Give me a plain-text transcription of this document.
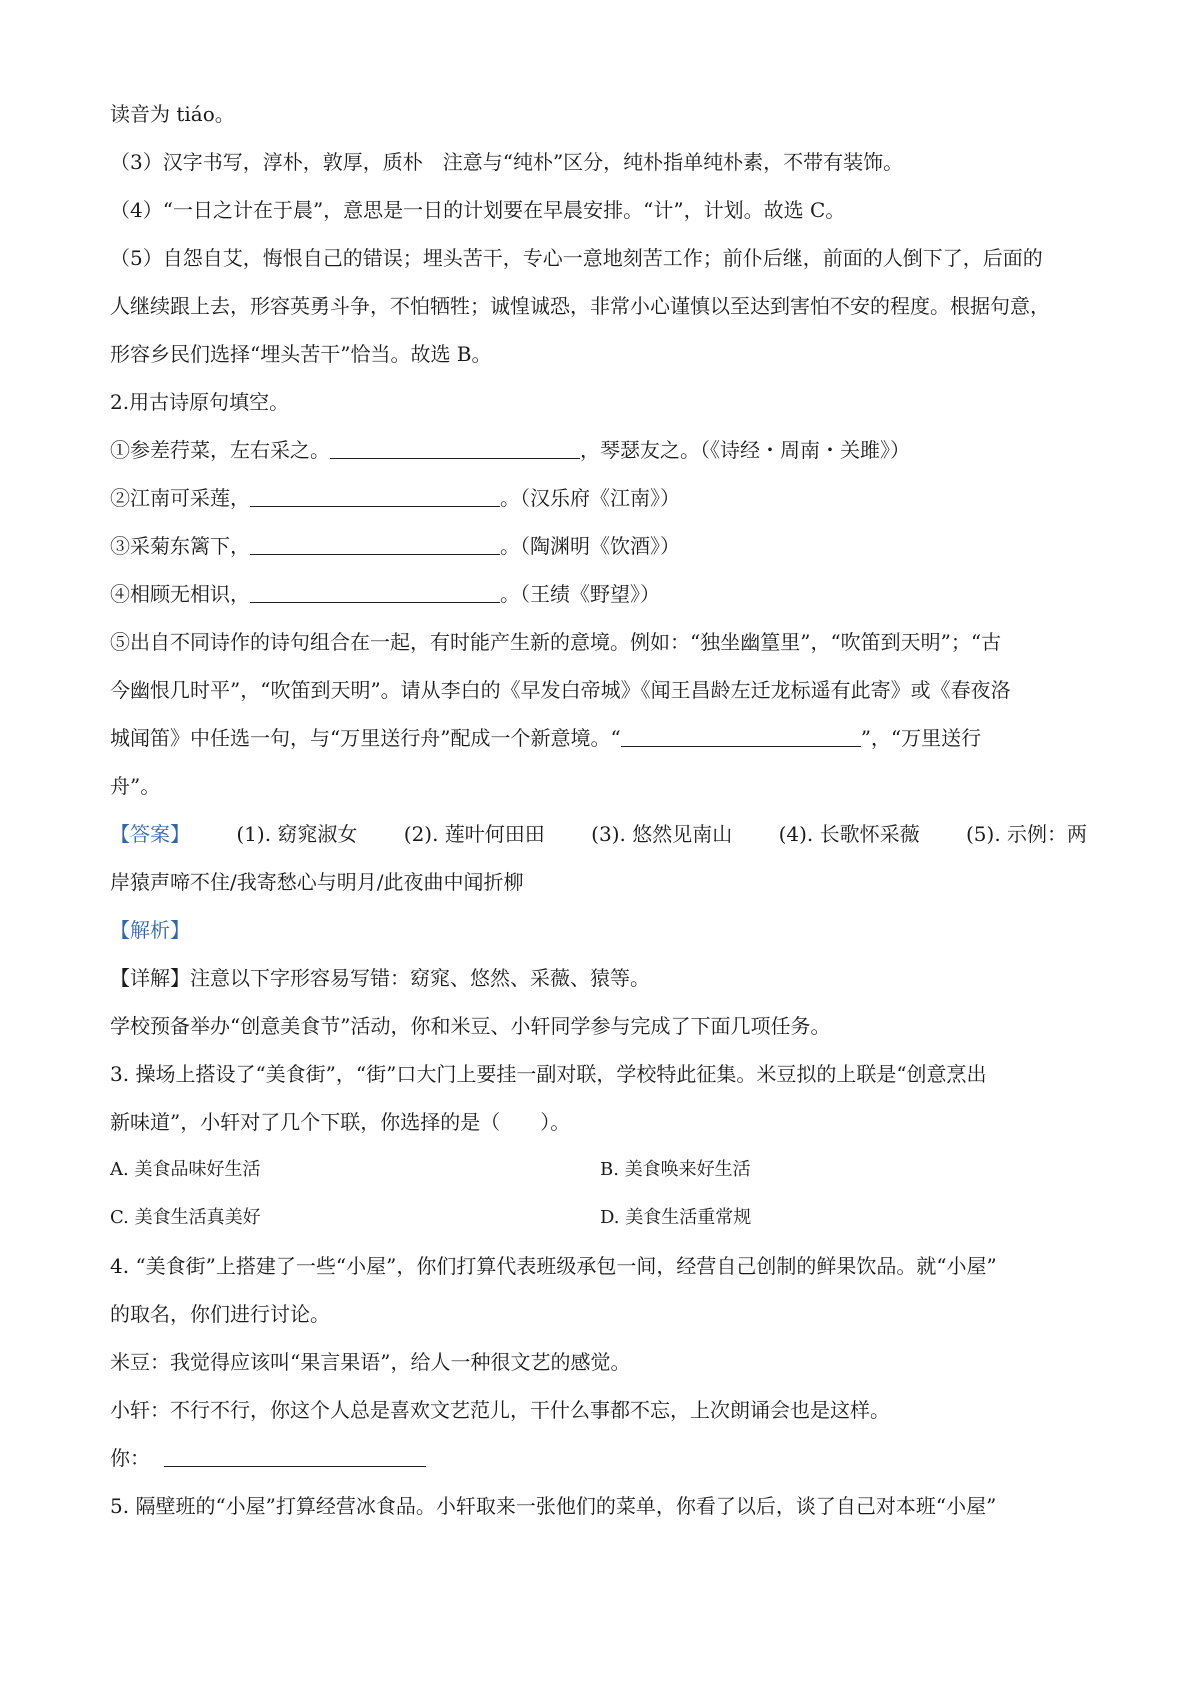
读音为 tiáo。
（3）汉字书写，淳朴，敦厚，质朴　注意与“纯朴”区分，纯朴指单纯朴素，不带有装饰。
（4）“一日之计在于晨”，意思是一日的计划要在早晨安排。“计”，计划。故选 C。
（5）自怨自艾，悔恨自己的错误；埋头苦干，专心一意地刻苦工作；前仆后继，前面的人倒下了，后面的
人继续跟上去，形容英勇斗争，不怕牺牲；诚惶诚恐，非常小心谨慎以至达到害怕不安的程度。根据句意，
形容乡民们选择“埋头苦干”恰当。故选 B。
2.用古诗原句填空。
①参差荇菜，左右采之。	，琴瑟友之。（《诗经・周南・关雎》）
②江南可采莲，	。（汉乐府《江南》）
③采菊东篱下，	。（陶渊明《饮酒》）
④相顾无相识，	。（王绩《野望》）
⑤出自不同诗作的诗句组合在一起，有时能产生新的意境。例如：“独坐幽篁里”，“吹笛到天明”；“古
今幽恨几时平”，“吹笛到天明”。请从李白的《早发白帝城》《闻王昌龄左迁龙标遥有此寄》或《春夜洛
城闻笛》中任选一句，与“万里送行舟”配成一个新意境。“	”，“万里送行
舟”。
【答案】 (1). 窈窕淑女 (2). 莲叶何田田 (3). 悠然见南山 (4). 长歌怀采薇 (5). 示例：两
岸猿声啼不住/我寄愁心与明月/此夜曲中闻折柳
【解析】
【详解】注意以下字形容易写错：窈窕、悠然、采薇、猿等。
学校预备举办“创意美食节”活动，你和米豆、小轩同学参与完成了下面几项任务。
3. 操场上搭设了“美食街”，“街”口大门上要挂一副对联，学校特此征集。米豆拟的上联是“创意烹出
新味道”，小轩对了几个下联，你选择的是（　　）。
A. 美食品味好生活	B. 美食唤来好生活
C. 美食生活真美好	D. 美食生活重常规
4. “美食街”上搭建了一些“小屋”，你们打算代表班级承包一间，经营自己创制的鲜果饮品。就“小屋”
的取名，你们进行讨论。
米豆：我觉得应该叫“果言果语”，给人一种很文艺的感觉。
小轩：不行不行，你这个人总是喜欢文艺范儿，干什么事都不忘，上次朗诵会也是这样。
你：
5. 隔壁班的“小屋”打算经营冰食品。小轩取来一张他们的菜单，你看了以后，谈了自己对本班“小屋”
